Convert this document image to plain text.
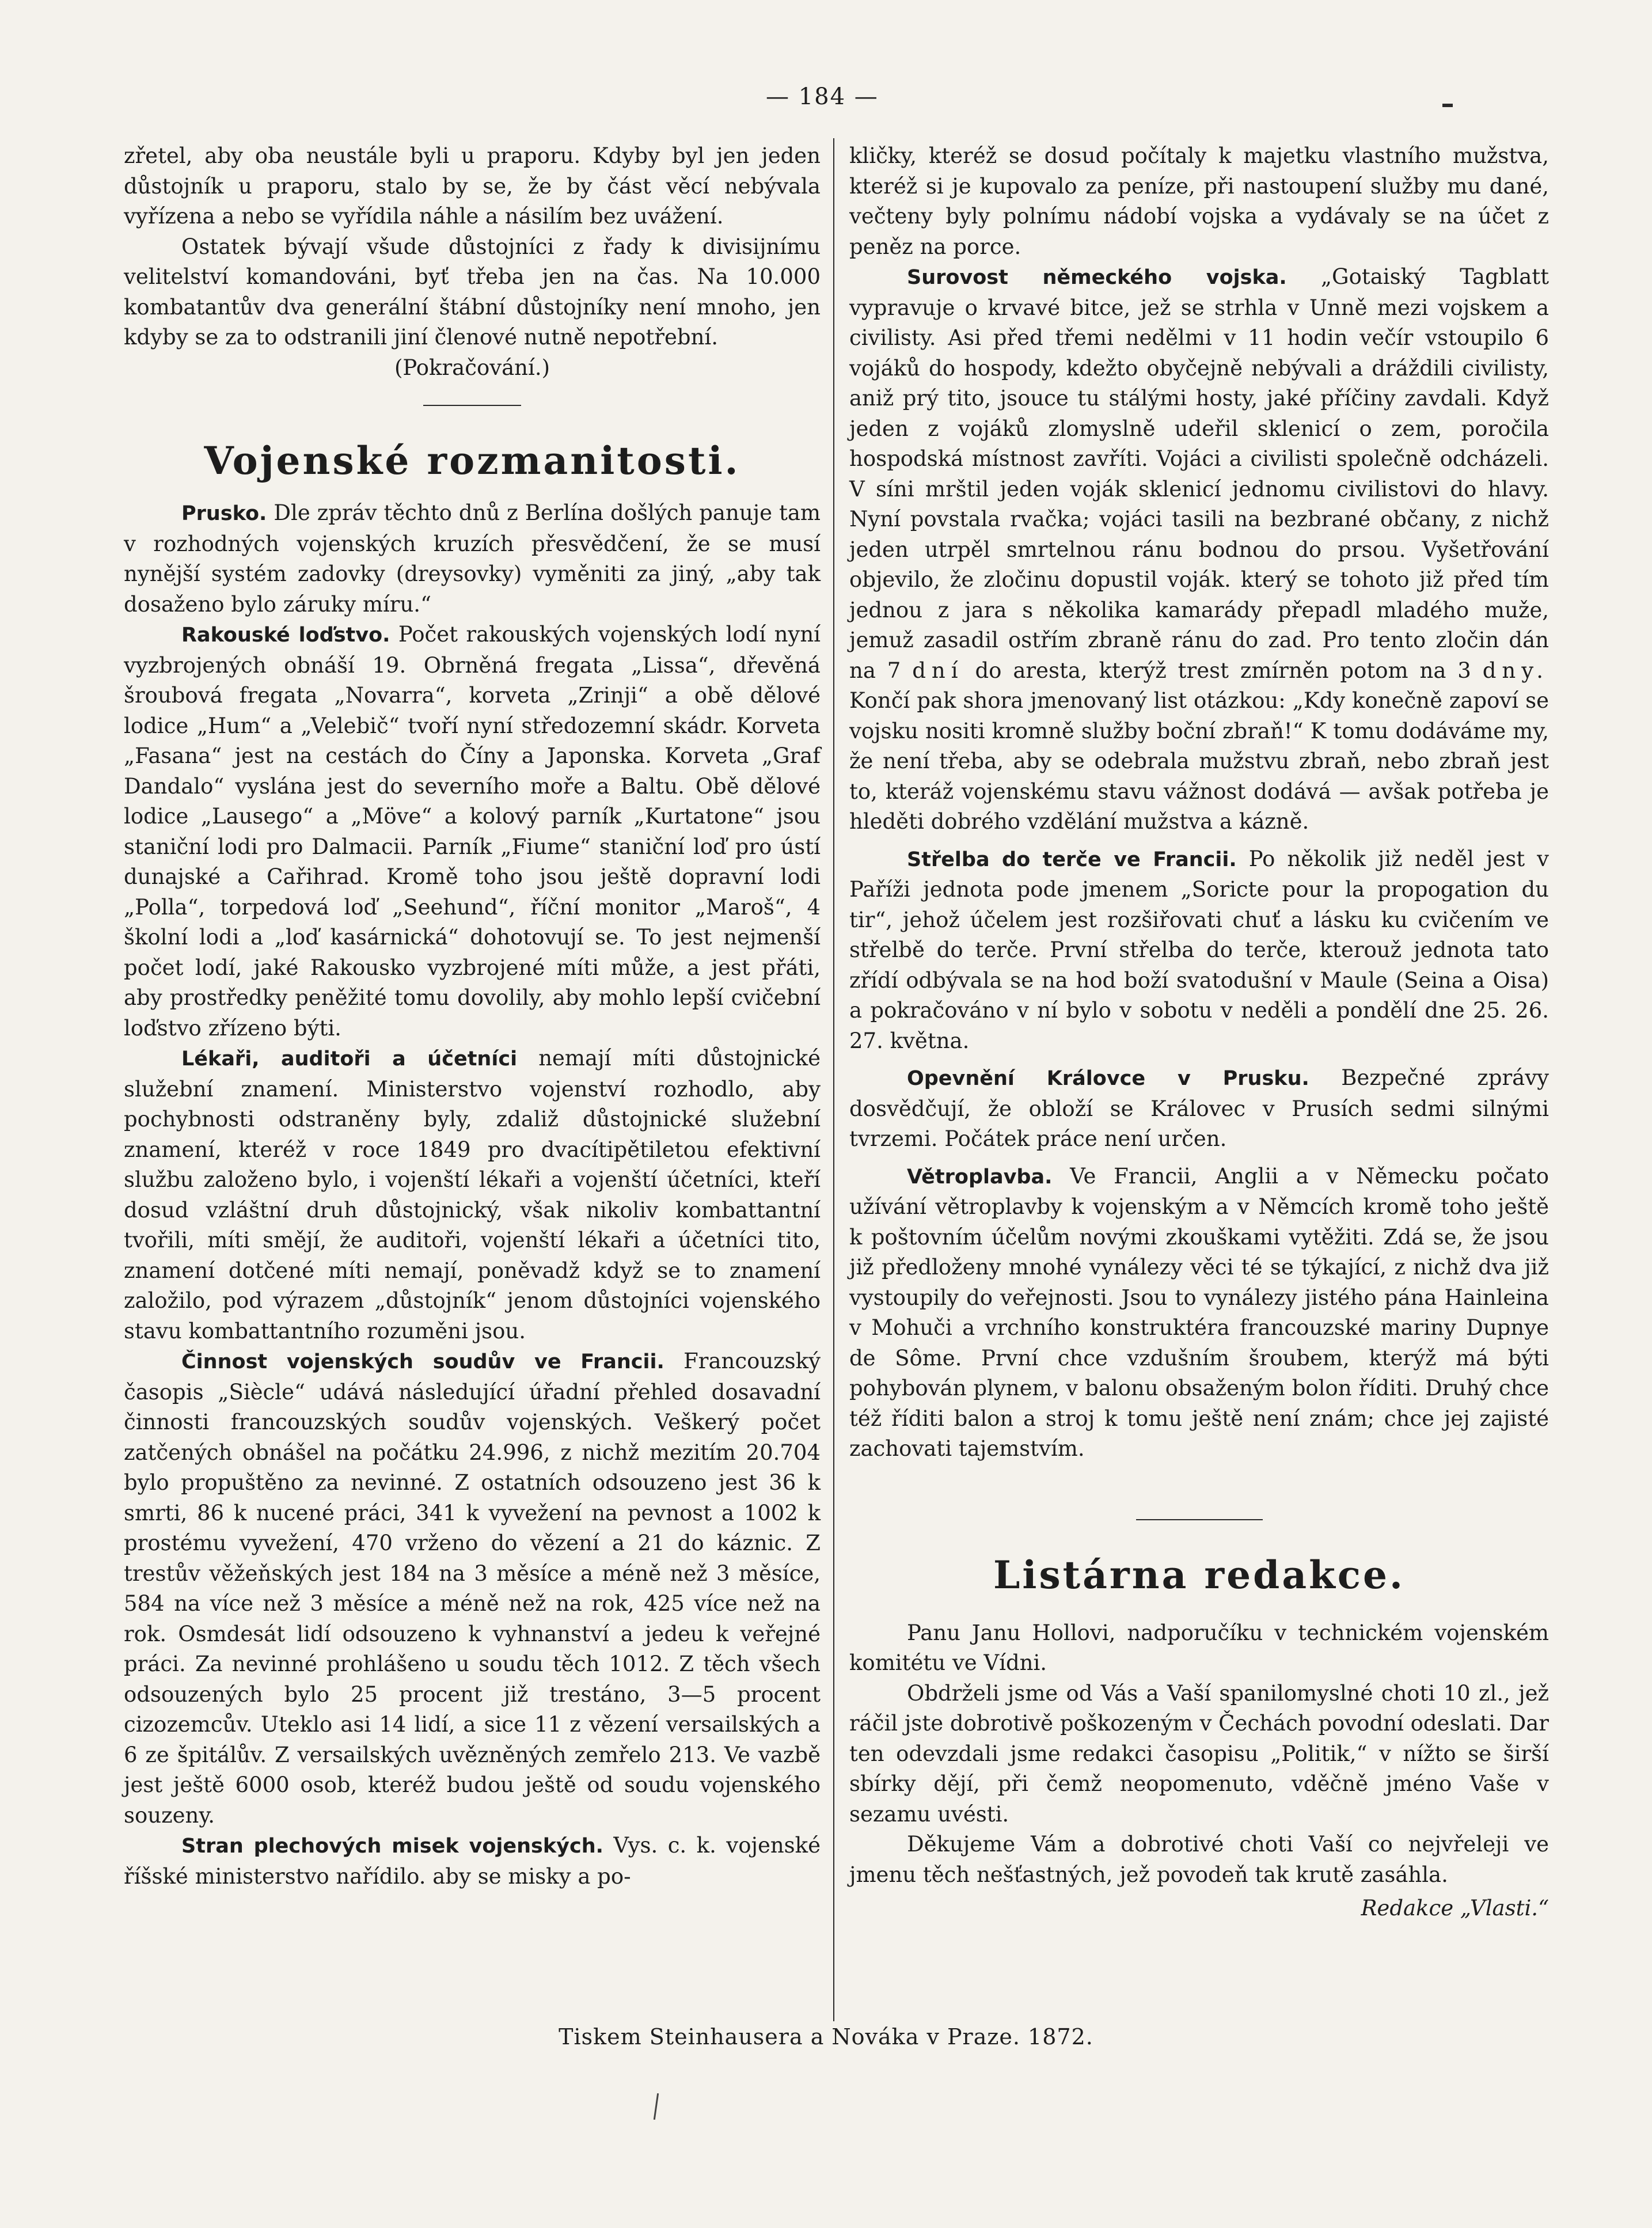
— 184 —

zřetel, aby oba neustále byli u praporu. Kdyby byl jen jeden důstojník u praporu, stalo by se, že by část věcí nebývala vyřízena a nebo se vyřídila náhle a násilím bez uvážení.

Ostatek bývají všude důstojníci z řady k divisijnímu velitelství komandováni, byť třeba jen na čas. Na 10.000 kombatantův dva generální štábní důstojníky není mnoho, jen kdyby se za to odstranili jiní členové nutně nepotřební.

(Pokračování.)

Vojenské rozmanitosti.

Prusko. Dle zpráv těchto dnů z Berlína došlých panuje tam v rozhodných vojenských kruzích přesvědčení, že se musí nynější systém zadovky (dreysovky) vyměniti za jiný, „aby tak dosaženo bylo záruky míru.“

Rakouské loďstvo. Počet rakouských vojenských lodí nyní vyzbrojených obnáší 19. Obrněná fregata „Lissa“, dřevěná šroubová fregata „Novarra“, korveta „Zrinji“ a obě dělové lodice „Hum“ a „Velebič“ tvoří nyní středozemní skádr. Korveta „Fasana“ jest na cestách do Číny a Japonska. Korveta „Graf Dandalo“ vyslána jest do severního moře a Baltu. Obě dělové lodice „Lausego“ a „Möve“ a kolový parník „Kurtatone“ jsou staniční lodi pro Dalmacii. Parník „Fiume“ staniční loď pro ústí dunajské a Cařihrad. Kromě toho jsou ještě dopravní lodi „Polla“, torpedová loď „Seehund“, říční monitor „Maroš“, 4 školní lodi a „loď kasárnická“ dohotovují se. To jest nejmenší počet lodí, jaké Rakousko vyzbrojené míti může, a jest přáti, aby prostředky peněžité tomu dovolily, aby mohlo lepší cvičební loďstvo zřízeno býti.

Lékaři, auditoři a účetníci nemají míti důstojnické služební znamení. Ministerstvo vojenství rozhodlo, aby pochybnosti odstraněny byly, zdaliž důstojnické služební znamení, kteréž v roce 1849 pro dvacítipětiletou efektivní službu založeno bylo, i vojenští lékaři a vojenští účetníci, kteří dosud vzláštní druh důstojnický, však nikoliv kombattantní tvořili, míti smějí, že auditoři, vojenští lékaři a účetníci tito, znamení dotčené míti nemají, poněvadž když se to znamení založilo, pod výrazem „důstojník“ jenom důstojníci vojenského stavu kombattantního rozuměni jsou.

Činnost vojenských soudův ve Francii. Francouzský časopis „Siècle“ udává následující úřadní přehled dosavadní činnosti francouzských soudův vojenských. Veškerý počet zatčených obnášel na počátku 24.996, z nichž mezitím 20.704 bylo propuštěno za nevinné. Z ostatních odsouzeno jest 36 k smrti, 86 k nucené práci, 341 k vyvežení na pevnost a 1002 k prostému vyvežení, 470 vrženo do vězení a 21 do káznic. Z trestův věžeňských jest 184 na 3 měsíce a méně než 3 měsíce, 584 na více než 3 měsíce a méně než na rok, 425 více než na rok. Osmdesát lidí odsouzeno k vyhnanství a jedeu k veřejné práci. Za nevinné prohlášeno u soudu těch 1012. Z těch všech odsouzených bylo 25 procent již trestáno, 3—5 procent cizozemcův. Uteklo asi 14 lidí, a sice 11 z vězení versailských a 6 ze špitálův. Z versailských uvězněných zemřelo 213. Ve vazbě jest ještě 6000 osob, kteréž budou ještě od soudu vojenského souzeny.

Stran plechových misek vojenských. Vys. c. k. vojenské říšské ministerstvo nařídilo. aby se misky a po-

kličky, kteréž se dosud počítaly k majetku vlastního mužstva, kteréž si je kupovalo za peníze, při nastoupení služby mu dané, večteny byly polnímu nádobí vojska a vydávaly se na účet z peněz na porce.

Surovost německého vojska. „Gotaiský Tagblatt vypravuje o krvavé bitce, jež se strhla v Unně mezi vojskem a civilisty. Asi před třemi nedělmi v 11 hodin večír vstoupilo 6 vojáků do hospody, kdežto obyčejně nebývali a dráždili civilisty, aniž prý tito, jsouce tu stálými hosty, jaké příčiny zavdali. Když jeden z vojáků zlomyslně udeřil sklenicí o zem, poročila hospodská místnost zavříti. Vojáci a civilisti společně odcházeli. V síni mrštil jeden voják sklenicí jednomu civilistovi do hlavy. Nyní povstala rvačka; vojáci tasili na bezbrané občany, z nichž jeden utrpěl smrtelnou ránu bodnou do prsou. Vyšetřování objevilo, že zločinu dopustil voják. který se tohoto již před tím jednou z jara s několika kamarády přepadl mladého muže, jemuž zasadil ostřím zbraně ránu do zad. Pro tento zločin dán na 7 dní do aresta, kterýž trest zmírněn potom na 3 dny. Končí pak shora jmenovaný list otázkou: „Kdy konečně zapoví se vojsku nositi kromně služby boční zbraň!“ K tomu dodáváme my, že není třeba, aby se odebrala mužstvu zbraň, nebo zbraň jest to, kteráž vojenskému stavu vážnost dodává — avšak potřeba je hleděti dobrého vzdělání mužstva a kázně.

Střelba do terče ve Francii. Po několik již neděl jest v Paříži jednota pode jmenem „Soricte pour la propogation du tir“, jehož účelem jest rozšiřovati chuť a lásku ku cvičením ve střelbě do terče. První střelba do terče, kterouž jednota tato zřídí odbývala se na hod boží svatodušní v Maule (Seina a Oisa) a pokračováno v ní bylo v sobotu v neděli a pondělí dne 25. 26. 27. května.

Opevnění Královce v Prusku. Bezpečné zprávy dosvědčují, že obloží se Královec v Prusích sedmi silnými tvrzemi. Počátek práce není určen.

Větroplavba. Ve Francii, Anglii a v Německu počato užívání větroplavby k vojenským a v Němcích kromě toho ještě k poštovním účelům novými zkouškami vytěžiti. Zdá se, že jsou již předloženy mnohé vynálezy věci té se týkající, z nichž dva již vystoupily do veřejnosti. Jsou to vynálezy jistého pána Hainleina v Mohuči a vrchního konstruktéra francouzské mariny Dupnye de Sôme. První chce vzdušním šroubem, kterýž má býti pohybován plynem, v balonu obsaženým bolon říditi. Druhý chce též říditi balon a stroj k tomu ještě není znám; chce jej zajisté zachovati tajemstvím.

Listárna redakce.

Panu Janu Hollovi, nadporučíku v technickém vojenském komitétu ve Vídni.

Obdrželi jsme od Vás a Vaší spanilomyslné choti 10 zl., jež ráčil jste dobrotivě poškozeným v Čechách povodní odeslati. Dar ten odevzdali jsme redakci časopisu „Politik,“ v nížto se širší sbírky dějí, při čemž neopomenuto, vděčně jméno Vaše v sezamu uvésti.

Děkujeme Vám a dobrotivé choti Vaší co nejvřeleji ve jmenu těch nešťastných, jež povodeň tak krutě zasáhla.

Redakce „Vlasti.“

Tiskem Steinhausera a Nováka v Praze. 1872.
